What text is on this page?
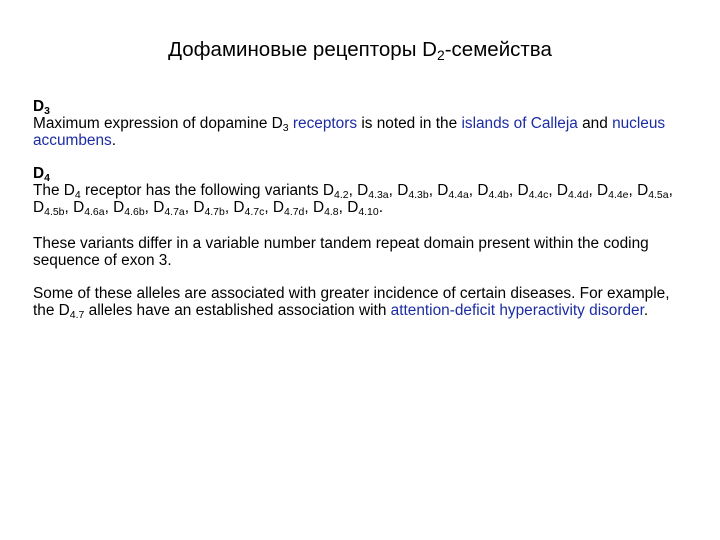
Дофаминовые рецепторы $D_2$-семейства

$D_3$
Maximum expression of dopamine $D_3$ receptors is noted in the islands of Calleja and nucleus accumbens.

$D_4$
The $D_4$ receptor has the following variants $D_{4.2}$, $D_{4.3a}$, $D_{4.3b}$, $D_{4.4a}$, $D_{4.4b}$, $D_{4.4c}$, $D_{4.4d}$, $D_{4.4e}$, $D_{4.5a}$, $D_{4.5b}$, $D_{4.6a}$, $D_{4.6b}$, $D_{4.7a}$, $D_{4.7b}$, $D_{4.7c}$, $D_{4.7d}$, $D_{4.8}$, $D_{4.10}$.

These variants differ in a variable number tandem repeat domain present within the coding sequence of exon 3.

Some of these alleles are associated with greater incidence of certain diseases. For example, the $D_{4.7}$ alleles have an established association with attention-deficit hyperactivity disorder.
